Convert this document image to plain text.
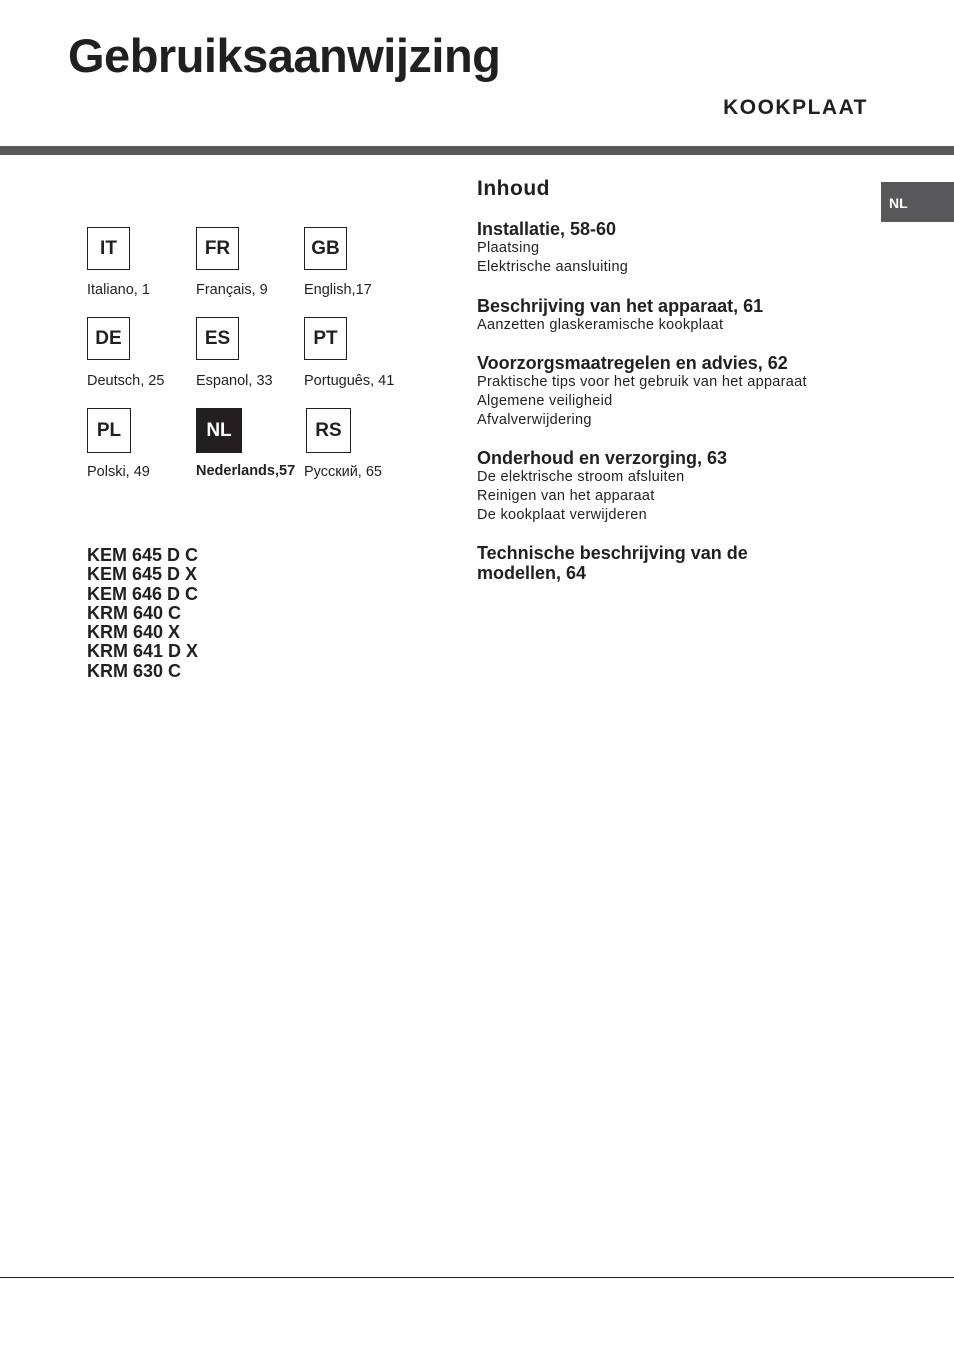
Gebruiksaanwijzing
KOOKPLAAT
NL
IT
Italiano, 1
FR
Français, 9
GB
English,17
DE
Deutsch, 25
ES
Espanol, 33
PT
Português, 41
PL
Polski, 49
NL
Nederlands,57
RS
Русский, 65
KEM 645 D C
KEM 645 D X
KEM 646 D C
KRM 640 C
KRM 640 X
KRM 641 D X
KRM 630 C
Inhoud
Installatie, 58-60
Plaatsing
Elektrische aansluiting
Beschrijving van het apparaat, 61
Aanzetten glaskeramische kookplaat
Voorzorgsmaatregelen en advies, 62
Praktische tips voor het gebruik van het apparaat
Algemene veiligheid
Afvalverwijdering
Onderhoud en verzorging, 63
De elektrische stroom afsluiten
Reinigen van het apparaat
De kookplaat verwijderen
Technische beschrijving van de
modellen, 64
